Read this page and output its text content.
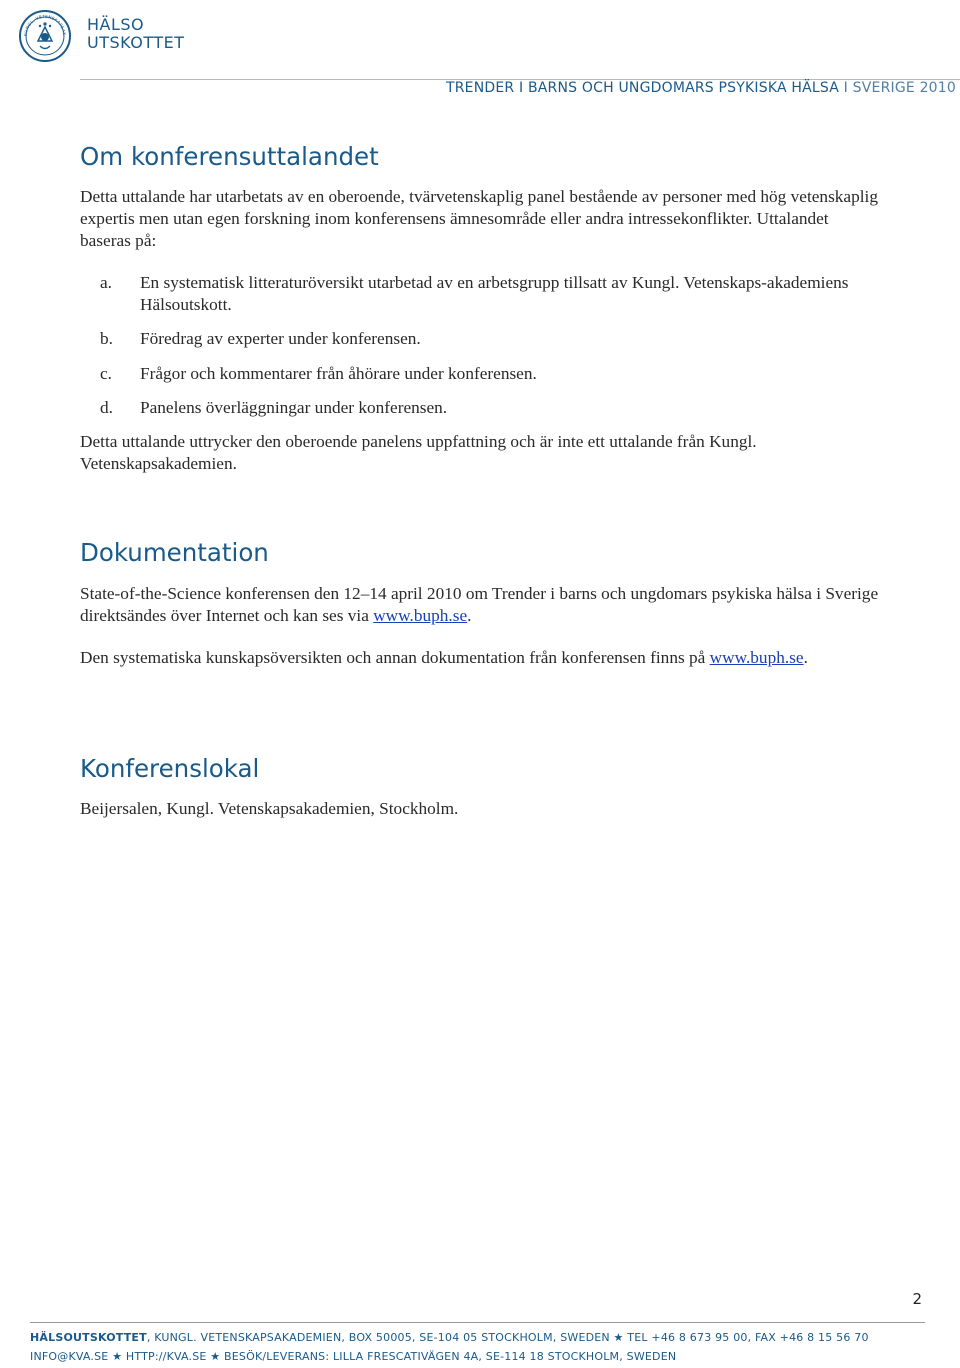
KUNGL. VETENSKAPSAK HÄLSO
UTSKOTTET
TRENDER I BARNS OCH UNGDOMARS PSYKISKA HÄLSA I SVERIGE 2010
Om konferensuttalandet

Detta uttalande har utarbetats av en oberoende, tvärvetenskaplig panel bestående av personer med hög vetenskaplig expertis men utan egen forskning inom konferensens ämnesområde eller andra intressekonflikter. Uttalandet baseras på:

a. En systematisk litteraturöversikt utarbetad av en arbetsgrupp tillsatt av Kungl. Vetenskaps-akademiens Hälsoutskott.
b. Föredrag av experter under konferensen.
c. Frågor och kommentarer från åhörare under konferensen.
d. Panelens överläggningar under konferensen.

Detta uttalande uttrycker den oberoende panelens uppfattning och är inte ett uttalande från Kungl. Vetenskapsakademien.

Dokumentation

State-of-the-Science konferensen den 12–14 april 2010 om Trender i barns och ungdomars psykiska hälsa i Sverige direktsändes över Internet och kan ses via www.buph.se.

Den systematiska kunskapsöversikten och annan dokumentation från konferensen finns på www.buph.se.

Konferenslokal

Beijersalen, Kungl. Vetenskapsakademien, Stockholm.

2
HÄLSOUTSKOTTET, KUNGL. VETENSKAPSAKADEMIEN, BOX 50005, SE-104 05 STOCKHOLM, SWEDEN ★ TEL +46 8 673 95 00, FAX +46 8 15 56 70
INFO@KVA.SE ★ HTTP://KVA.SE ★ BESÖK/LEVERANS: LILLA FRESCATIVÄGEN 4A, SE-114 18 STOCKHOLM, SWEDEN
